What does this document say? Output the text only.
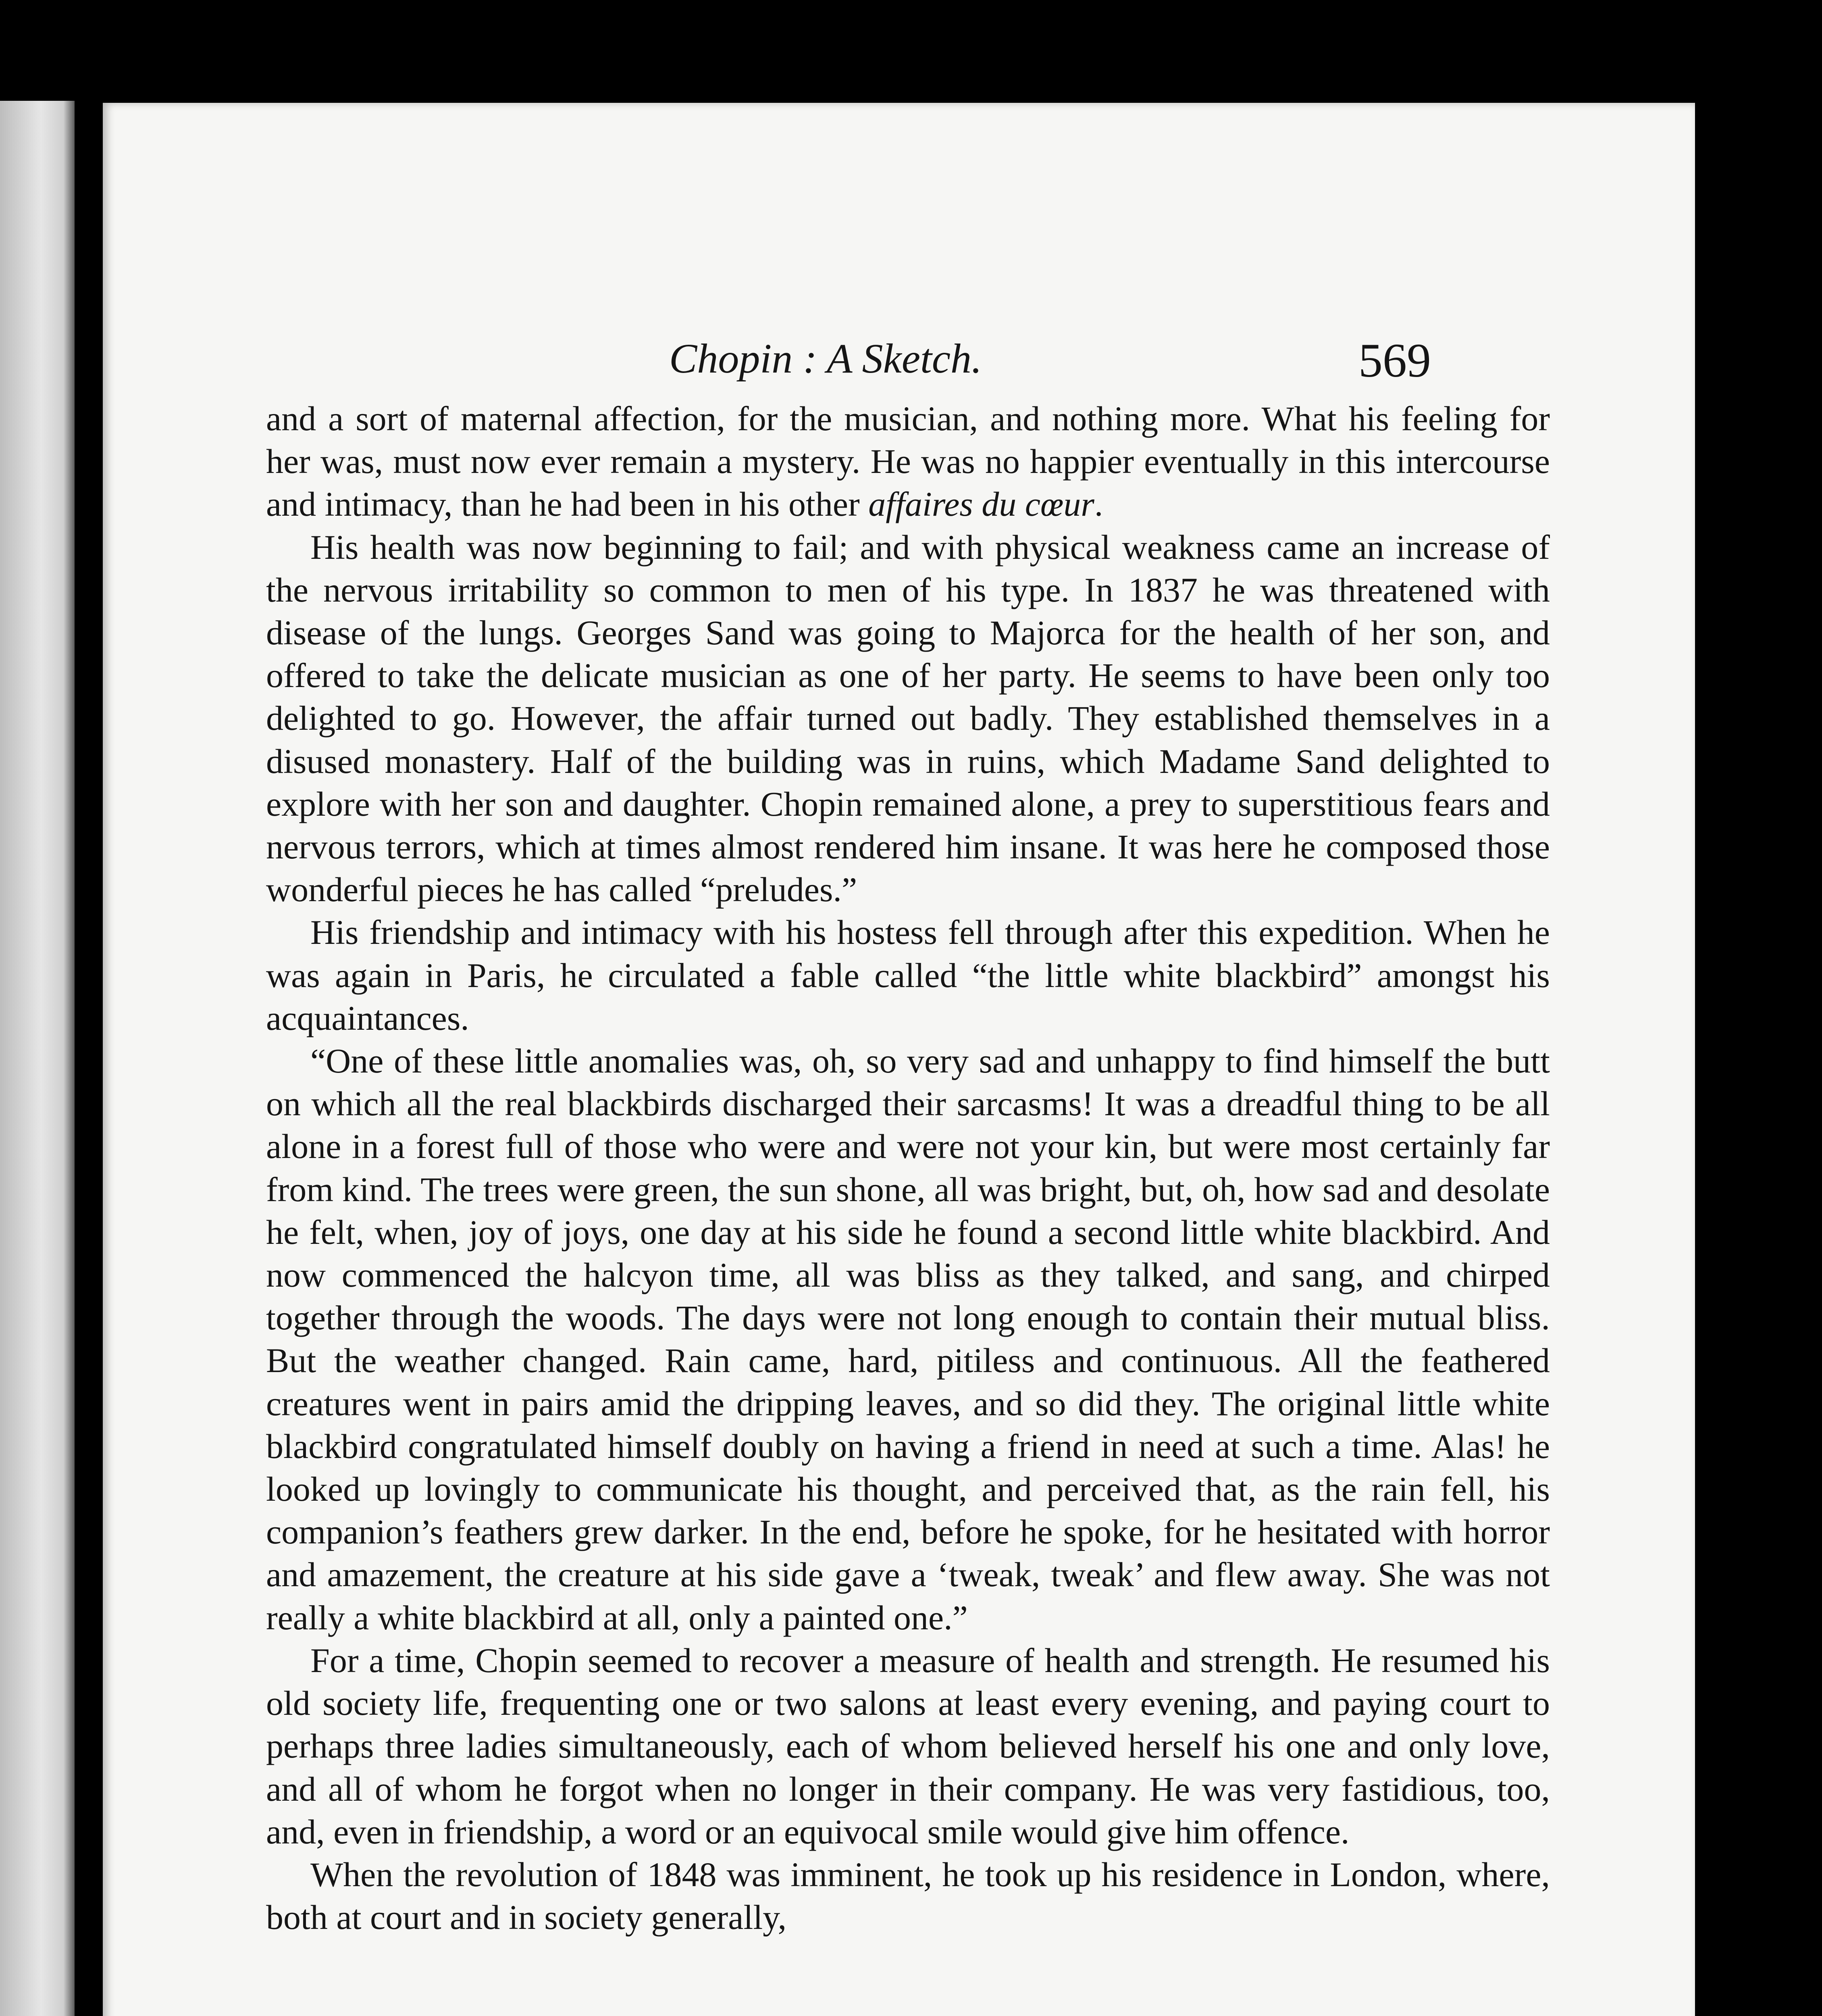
Chopin : A Sketch.	569

and a sort of maternal affection, for the musician, and nothing more. What his feeling for her was, must now ever remain a mystery. He was no happier eventually in this intercourse and intimacy, than he had been in his other affaires du cœur.

His health was now beginning to fail; and with physical weakness came an increase of the nervous irritability so common to men of his type. In 1837 he was threatened with disease of the lungs. Georges Sand was going to Majorca for the health of her son, and offered to take the delicate musician as one of her party. He seems to have been only too delighted to go. However, the affair turned out badly. They established themselves in a disused monastery. Half of the building was in ruins, which Madame Sand delighted to explore with her son and daughter. Chopin remained alone, a prey to superstitious fears and nervous terrors, which at times almost rendered him insane. It was here he composed those wonderful pieces he has called “preludes.”

His friendship and intimacy with his hostess fell through after this expedition. When he was again in Paris, he circulated a fable called “the little white blackbird” amongst his acquaintances.

“One of these little anomalies was, oh, so very sad and unhappy to find himself the butt on which all the real blackbirds discharged their sarcasms! It was a dreadful thing to be all alone in a forest full of those who were and were not your kin, but were most certainly far from kind. The trees were green, the sun shone, all was bright, but, oh, how sad and desolate he felt, when, joy of joys, one day at his side he found a second little white blackbird. And now commenced the halcyon time, all was bliss as they talked, and sang, and chirped together through the woods. The days were not long enough to contain their mutual bliss. But the weather changed. Rain came, hard, pitiless and continuous. All the feathered creatures went in pairs amid the dripping leaves, and so did they. The original little white blackbird congratulated himself doubly on having a friend in need at such a time. Alas! he looked up lovingly to communicate his thought, and perceived that, as the rain fell, his companion’s feathers grew darker. In the end, before he spoke, for he hesitated with horror and amazement, the creature at his side gave a ‘tweak, tweak’ and flew away. She was not really a white blackbird at all, only a painted one.”

For a time, Chopin seemed to recover a measure of health and strength. He resumed his old society life, frequenting one or two salons at least every evening, and paying court to perhaps three ladies simultaneously, each of whom believed herself his one and only love, and all of whom he forgot when no longer in their company. He was very fastidious, too, and, even in friendship, a word or an equivocal smile would give him offence.

When the revolution of 1848 was imminent, he took up his residence in London, where, both at court and in society generally,
